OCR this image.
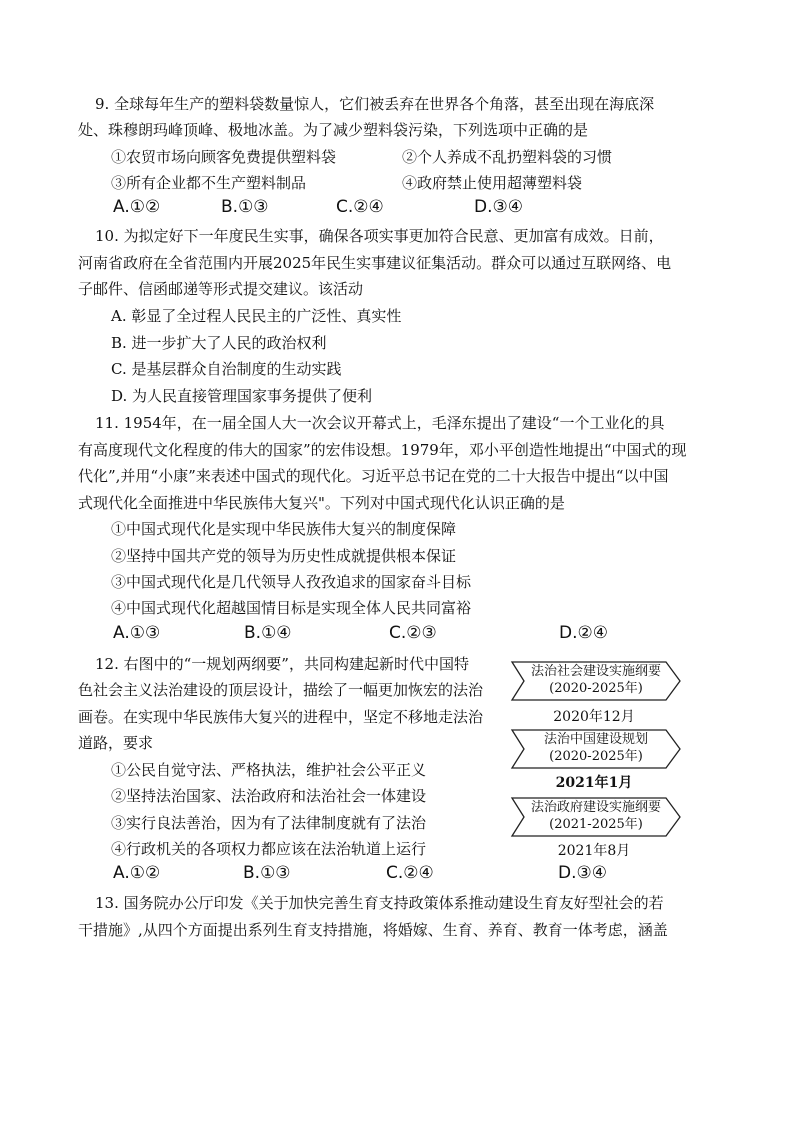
9. 全球每年生产的塑料袋数量惊人，它们被丢弃在世界各个角落，甚至出现在海底深
处、珠穆朗玛峰顶峰、极地冰盖。为了减少塑料袋污染，下列选项中正确的是
①农贸市场向顾客免费提供塑料袋	②个人养成不乱扔塑料袋的习惯
③所有企业都不生产塑料制品	④政府禁止使用超薄塑料袋
A.①②	B.①③	C.②④	D.③④
10. 为拟定好下一年度民生实事，确保各项实事更加符合民意、更加富有成效。日前，
河南省政府在全省范围内开展2025年民生实事建议征集活动。群众可以通过互联网络、电
子邮件、信函邮递等形式提交建议。该活动
A. 彰显了全过程人民民主的广泛性、真实性
B. 进一步扩大了人民的政治权利
C. 是基层群众自治制度的生动实践
D. 为人民直接管理国家事务提供了便利
11. 1954年，在一届全国人大一次会议开幕式上，毛泽东提出了建设“一个工业化的具
有高度现代文化程度的伟大的国家”的宏伟设想。1979年，邓小平创造性地提出“中国式的现
代化”,并用“小康”来表述中国式的现代化。习近平总书记在党的二十大报告中提出“以中国
式现代化全面推进中华民族伟大复兴"。下列对中国式现代化认识正确的是
①中国式现代化是实现中华民族伟大复兴的制度保障
②坚持中国共产党的领导为历史性成就提供根本保证
③中国式现代化是几代领导人孜孜追求的国家奋斗目标
④中国式现代化超越国情目标是实现全体人民共同富裕
A.①③	B.①④	C.②③	D.②④
12. 右图中的“一规划两纲要”，共同构建起新时代中国特
色社会主义法治建设的顶层设计，描绘了一幅更加恢宏的法治
画卷。在实现中华民族伟大复兴的进程中，坚定不移地走法治
道路，要求
①公民自觉守法、严格执法，维护社会公平正义
②坚持法治国家、法治政府和法治社会一体建设
③实行良法善治，因为有了法律制度就有了法治
④行政机关的各项权力都应该在法治轨道上运行
A.①②	B.①③	C.②④	D.③④
法治社会建设实施纲要
(2020-2025年)
2020年12月
法治中国建设规划
(2020-2025年)
2021年1月
法治政府建设实施纲要
(2021-2025年)
2021年8月
13. 国务院办公厅印发《关于加快完善生育支持政策体系推动建设生育友好型社会的若
干措施》,从四个方面提出系列生育支持措施，将婚嫁、生育、养育、教育一体考虑，涵盖
